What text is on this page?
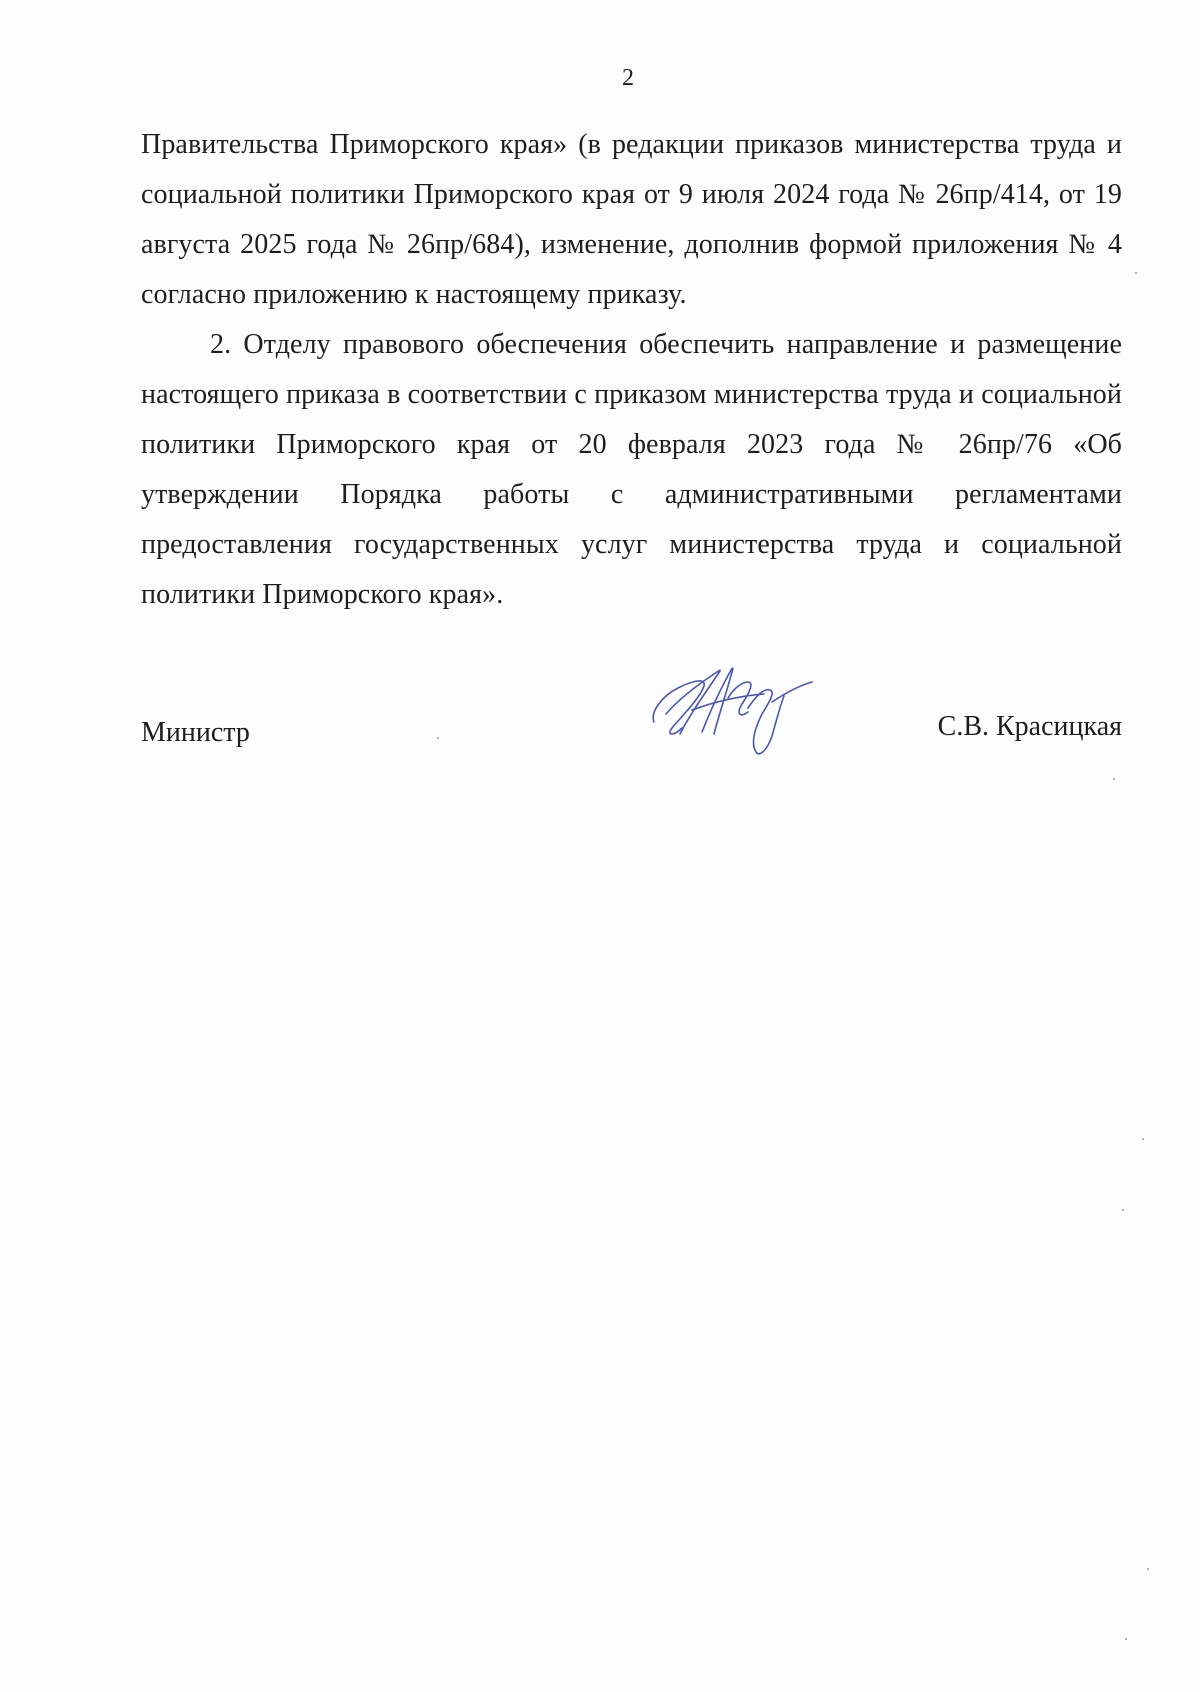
2

Правительства Приморского края» (в редакции приказов министерства труда и социальной политики Приморского края от 9 июля 2024 года № 26пр/414, от 19 августа 2025 года № 26пр/684), изменение, дополнив формой приложения № 4 согласно приложению к настоящему приказу.

2. Отделу правового обеспечения обеспечить направление и размещение настоящего приказа в соответствии с приказом министерства труда и социальной политики Приморского края от 20 февраля 2023 года № 26пр/76 «Об утверждении Порядка работы с административными регламентами предоставления государственных услуг министерства труда и социальной политики Приморского края».

Министр	С.В. Красицкая
